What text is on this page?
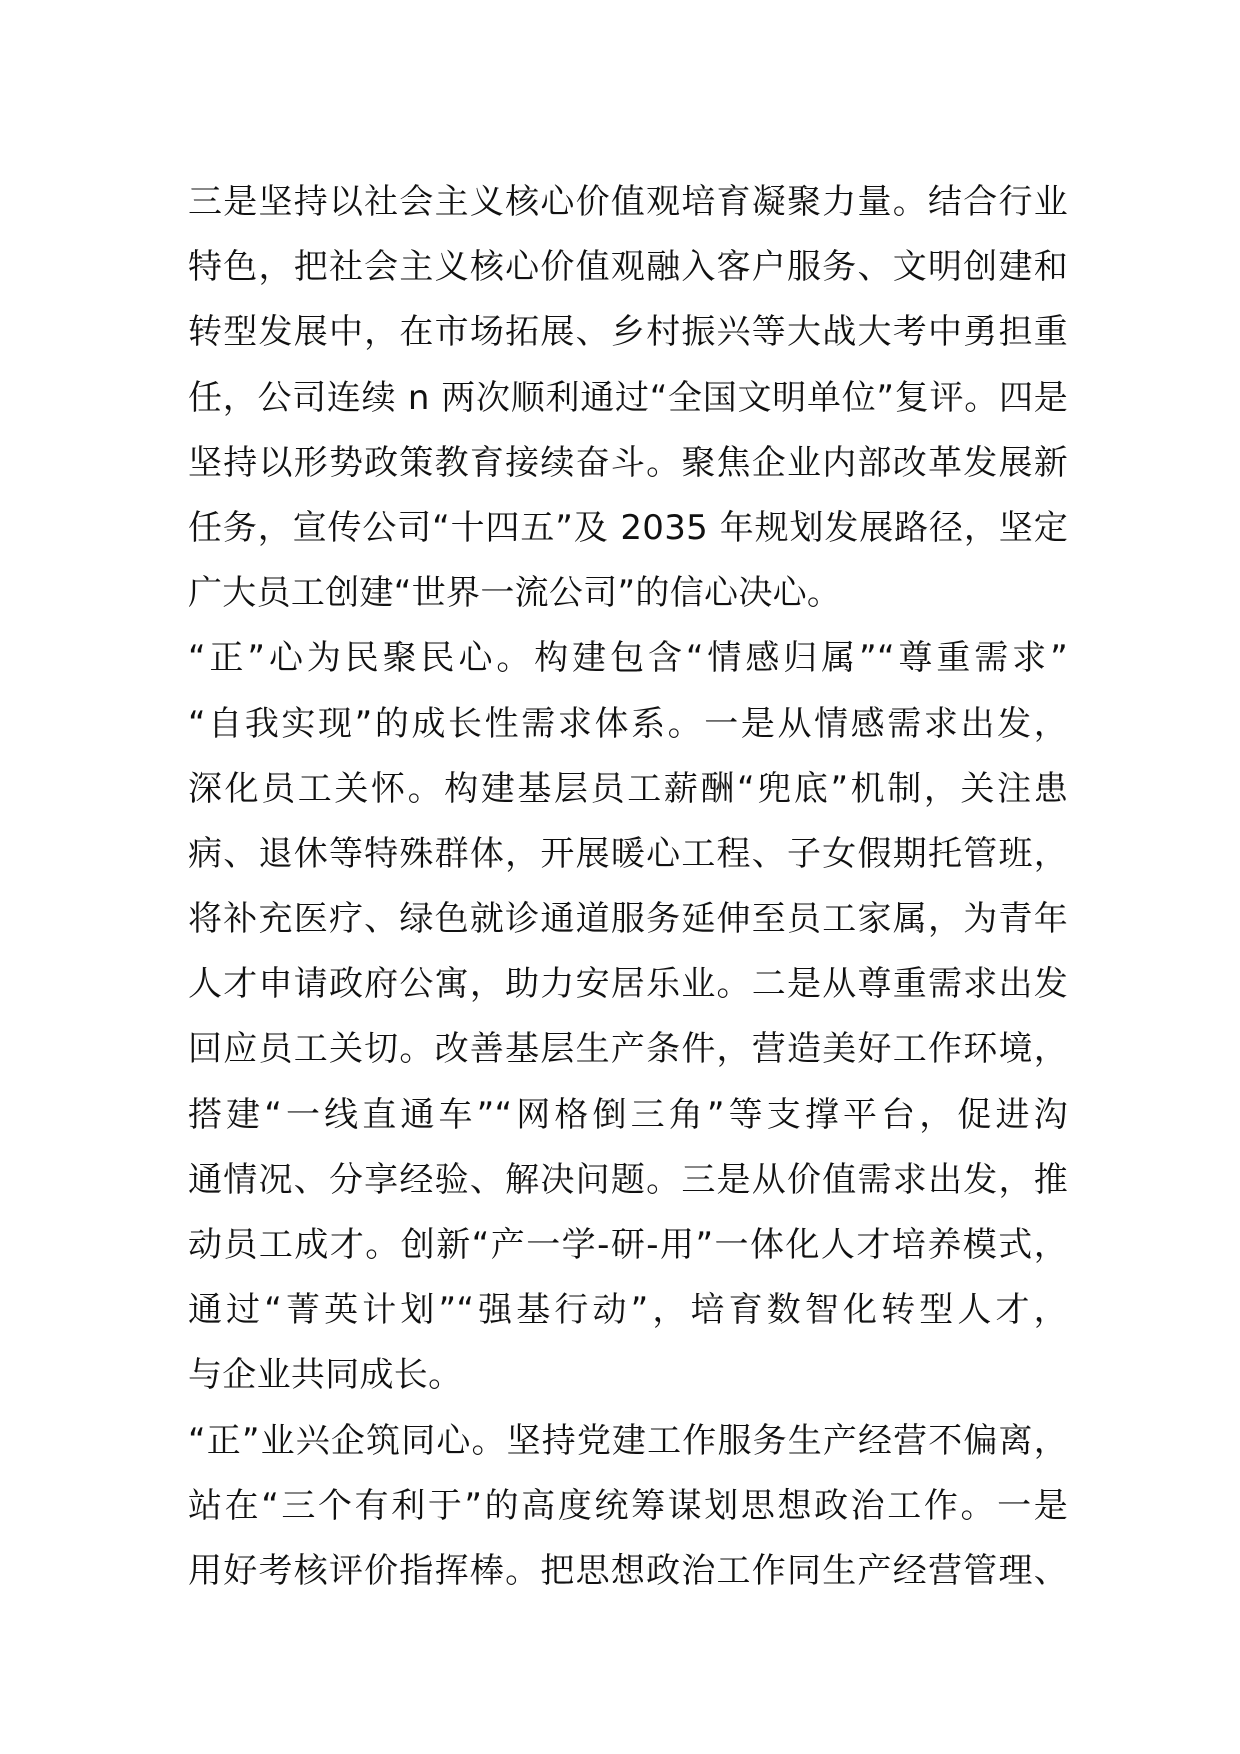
三是坚持以社会主义核心价值观培育凝聚力量。结合行业
特色，把社会主义核心价值观融入客户服务、文明创建和
转型发展中，在市场拓展、乡村振兴等大战大考中勇担重
任，公司连续 n 两次顺利通过“全国文明单位”复评。四是
坚持以形势政策教育接续奋斗。聚焦企业内部改革发展新
任务，宣传公司“十四五”及 2035 年规划发展路径，坚定
广大员工创建“世界一流公司”的信心决心。
“正”心为民聚民心。构建包含“情感归属”“尊重需求”
“自我实现”的成长性需求体系。一是从情感需求出发，
深化员工关怀。构建基层员工薪酬“兜底”机制，关注患
病、退休等特殊群体，开展暖心工程、子女假期托管班，
将补充医疗、绿色就诊通道服务延伸至员工家属，为青年
人才申请政府公寓，助力安居乐业。二是从尊重需求出发
回应员工关切。改善基层生产条件，营造美好工作环境，
搭建“一线直通车”“网格倒三角”等支撑平台，促进沟
通情况、分享经验、解决问题。三是从价值需求出发，推
动员工成才。创新“产一学-研-用”一体化人才培养模式，
通过“菁英计划”“强基行动”，培育数智化转型人才，
与企业共同成长。
“正”业兴企筑同心。坚持党建工作服务生产经营不偏离，
站在“三个有利于”的高度统筹谋划思想政治工作。一是
用好考核评价指挥棒。把思想政治工作同生产经营管理、
